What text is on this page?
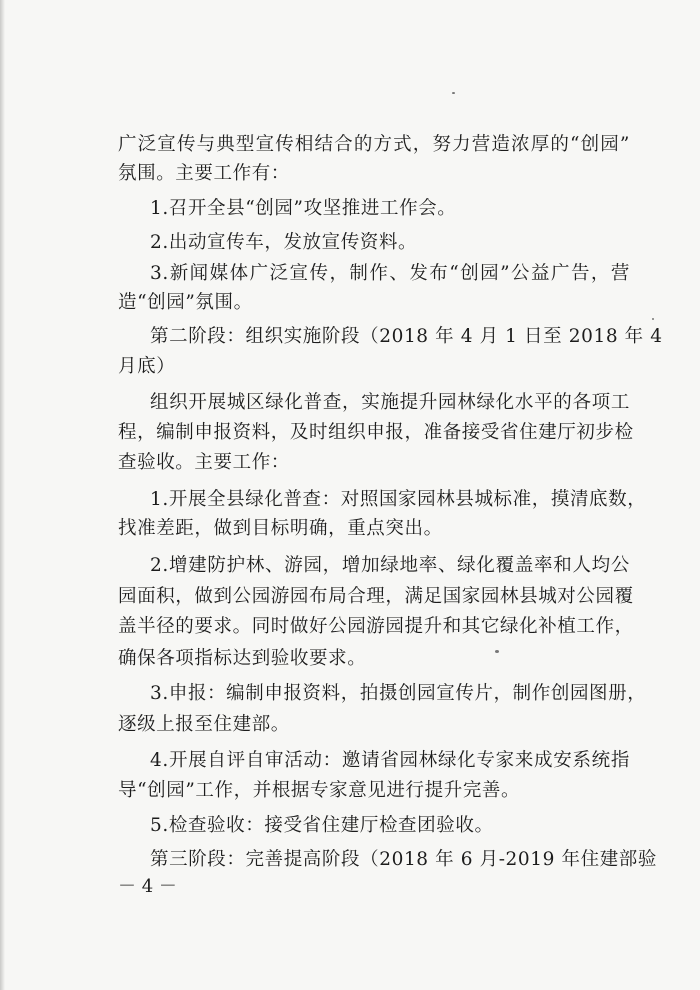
广泛宣传与典型宣传相结合的方式，努力营造浓厚的“创园”
氛围。主要工作有：
1.召开全县“创园”攻坚推进工作会。
2.出动宣传车，发放宣传资料。
3.新闻媒体广泛宣传，制作、发布“创园”公益广告，营
造“创园”氛围。
第二阶段：组织实施阶段（2018 年 4 月 1 日至 2018 年 4
月底）
组织开展城区绿化普查，实施提升园林绿化水平的各项工
程，编制申报资料，及时组织申报，准备接受省住建厅初步检
查验收。主要工作：
1.开展全县绿化普查：对照国家园林县城标准，摸清底数，
找准差距，做到目标明确，重点突出。
2.增建防护林、游园，增加绿地率、绿化覆盖率和人均公
园面积，做到公园游园布局合理，满足国家园林县城对公园覆
盖半径的要求。同时做好公园游园提升和其它绿化补植工作，
确保各项指标达到验收要求。
3.申报：编制申报资料，拍摄创园宣传片，制作创园图册，
逐级上报至住建部。
4.开展自评自审活动：邀请省园林绿化专家来成安系统指
导“创园”工作，并根据专家意见进行提升完善。
5.检查验收：接受省住建厅检查团验收。
第三阶段：完善提高阶段（2018 年 6 月-2019 年住建部验
－ 4 －
